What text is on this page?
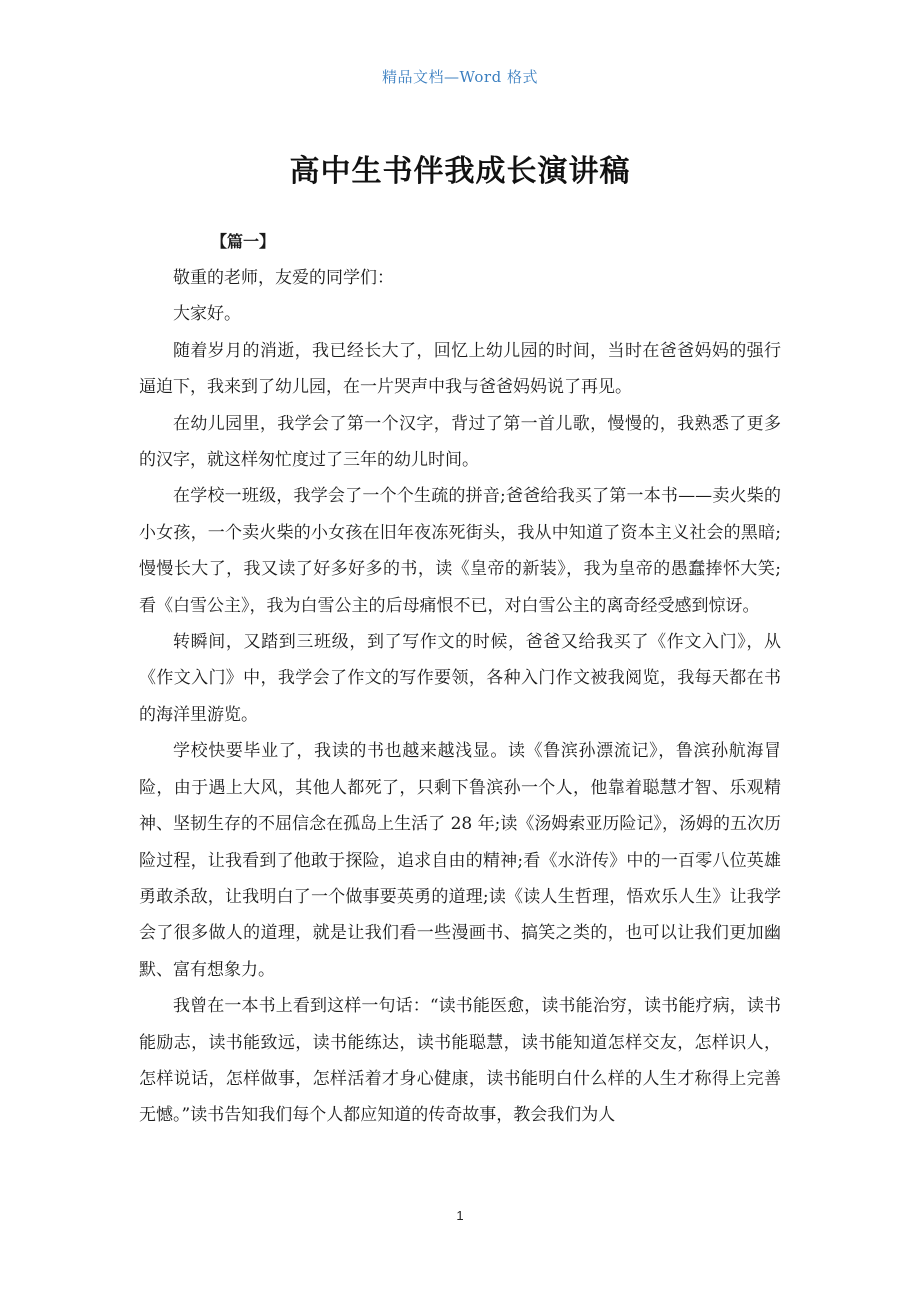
精品文档—Word 格式
高中生书伴我成长演讲稿

【篇一】

敬重的老师，友爱的同学们：

大家好。

随着岁月的消逝，我已经长大了，回忆上幼儿园的时间，当时在爸爸妈妈的强行逼迫下，我来到了幼儿园，在一片哭声中我与爸爸妈妈说了再见。

在幼儿园里，我学会了第一个汉字，背过了第一首儿歌，慢慢的，我熟悉了更多的汉字，就这样匆忙度过了三年的幼儿时间。

在学校一班级，我学会了一个个生疏的拼音;爸爸给我买了第一本书——卖火柴的小女孩，一个卖火柴的小女孩在旧年夜冻死街头，我从中知道了资本主义社会的黑暗;慢慢长大了，我又读了好多好多的书，读《皇帝的新装》，我为皇帝的愚蠢捧怀大笑;看《白雪公主》，我为白雪公主的后母痛恨不已，对白雪公主的离奇经受感到惊讶。

转瞬间，又踏到三班级，到了写作文的时候，爸爸又给我买了《作文入门》，从《作文入门》中，我学会了作文的写作要领，各种入门作文被我阅览，我每天都在书的海洋里游览。

学校快要毕业了，我读的书也越来越浅显。读《鲁滨孙漂流记》，鲁滨孙航海冒险，由于遇上大风，其他人都死了，只剩下鲁滨孙一个人，他靠着聪慧才智、乐观精神、坚韧生存的不屈信念在孤岛上生活了 28 年;读《汤姆索亚历险记》，汤姆的五次历险过程，让我看到了他敢于探险，追求自由的精神;看《水浒传》中的一百零八位英雄勇敢杀敌，让我明白了一个做事要英勇的道理;读《读人生哲理，悟欢乐人生》让我学会了很多做人的道理，就是让我们看一些漫画书、搞笑之类的，也可以让我们更加幽默、富有想象力。

我曾在一本书上看到这样一句话：“读书能医愈，读书能治穷，读书能疗病，读书能励志，读书能致远，读书能练达，读书能聪慧，读书能知道怎样交友，怎样识人，怎样说话，怎样做事，怎样活着才身心健康，读书能明白什么样的人生才称得上完善无憾。”读书告知我们每个人都应知道的传奇故事，教会我们为人

1
